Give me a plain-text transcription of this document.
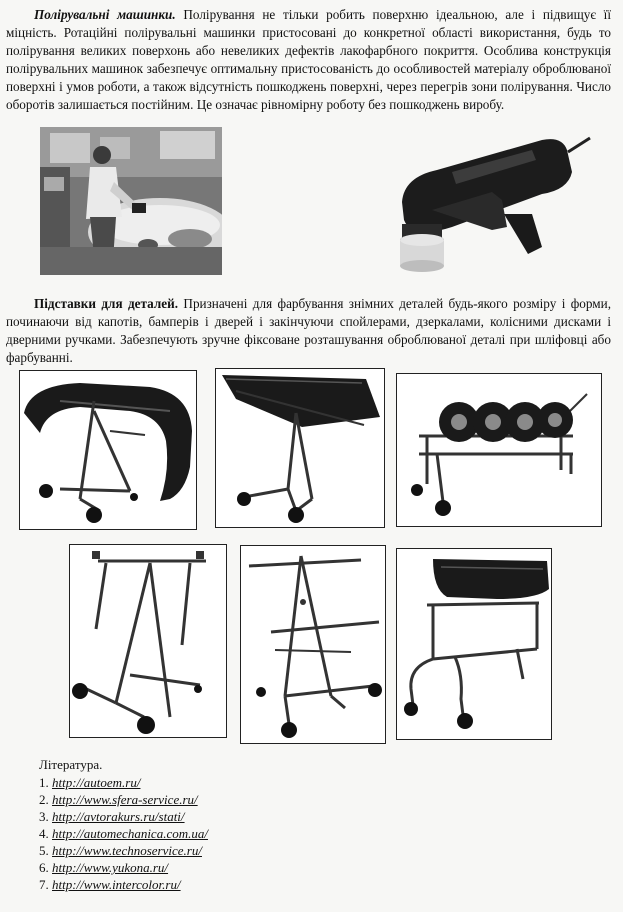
Полірувальні машинки. Полірування не тільки робить поверхню ідеальною, але і підвищує її міцність. Ротаційні полірувальні машинки пристосовані до конкретної області використання, будь то полірування великих поверхонь або невеликих дефектів лакофарбного покриття. Особлива конструкція полірувальних машинок забезпечує оптимальну пристосованість до особливостей матеріалу оброблюваної поверхні і умов роботи, а також відсутність пошкоджень поверхні, через перегрів зони полірування. Число оборотів залишається постійним. Це означає рівномірну роботу без пошкоджень виробу.

Підставки для деталей. Призначені для фарбування знімних деталей будь-якого розміру і форми, починаючи від капотів, бамперів і дверей і закінчуючи спойлерами, дзеркалами, колісними дисками і дверними ручками. Забезпечують зручне фіксоване розташування оброблюваної деталі при шліфовці або фарбуванні.

Література.

1. http://autoem.ru/
2. http://www.sfera-service.ru/
3. http://avtorakurs.ru/stati/
4. http://automechanica.com.ua/
5. http://www.technoservice.ru/
6. http://www.yukona.ru/
7. http://www.intercolor.ru/
